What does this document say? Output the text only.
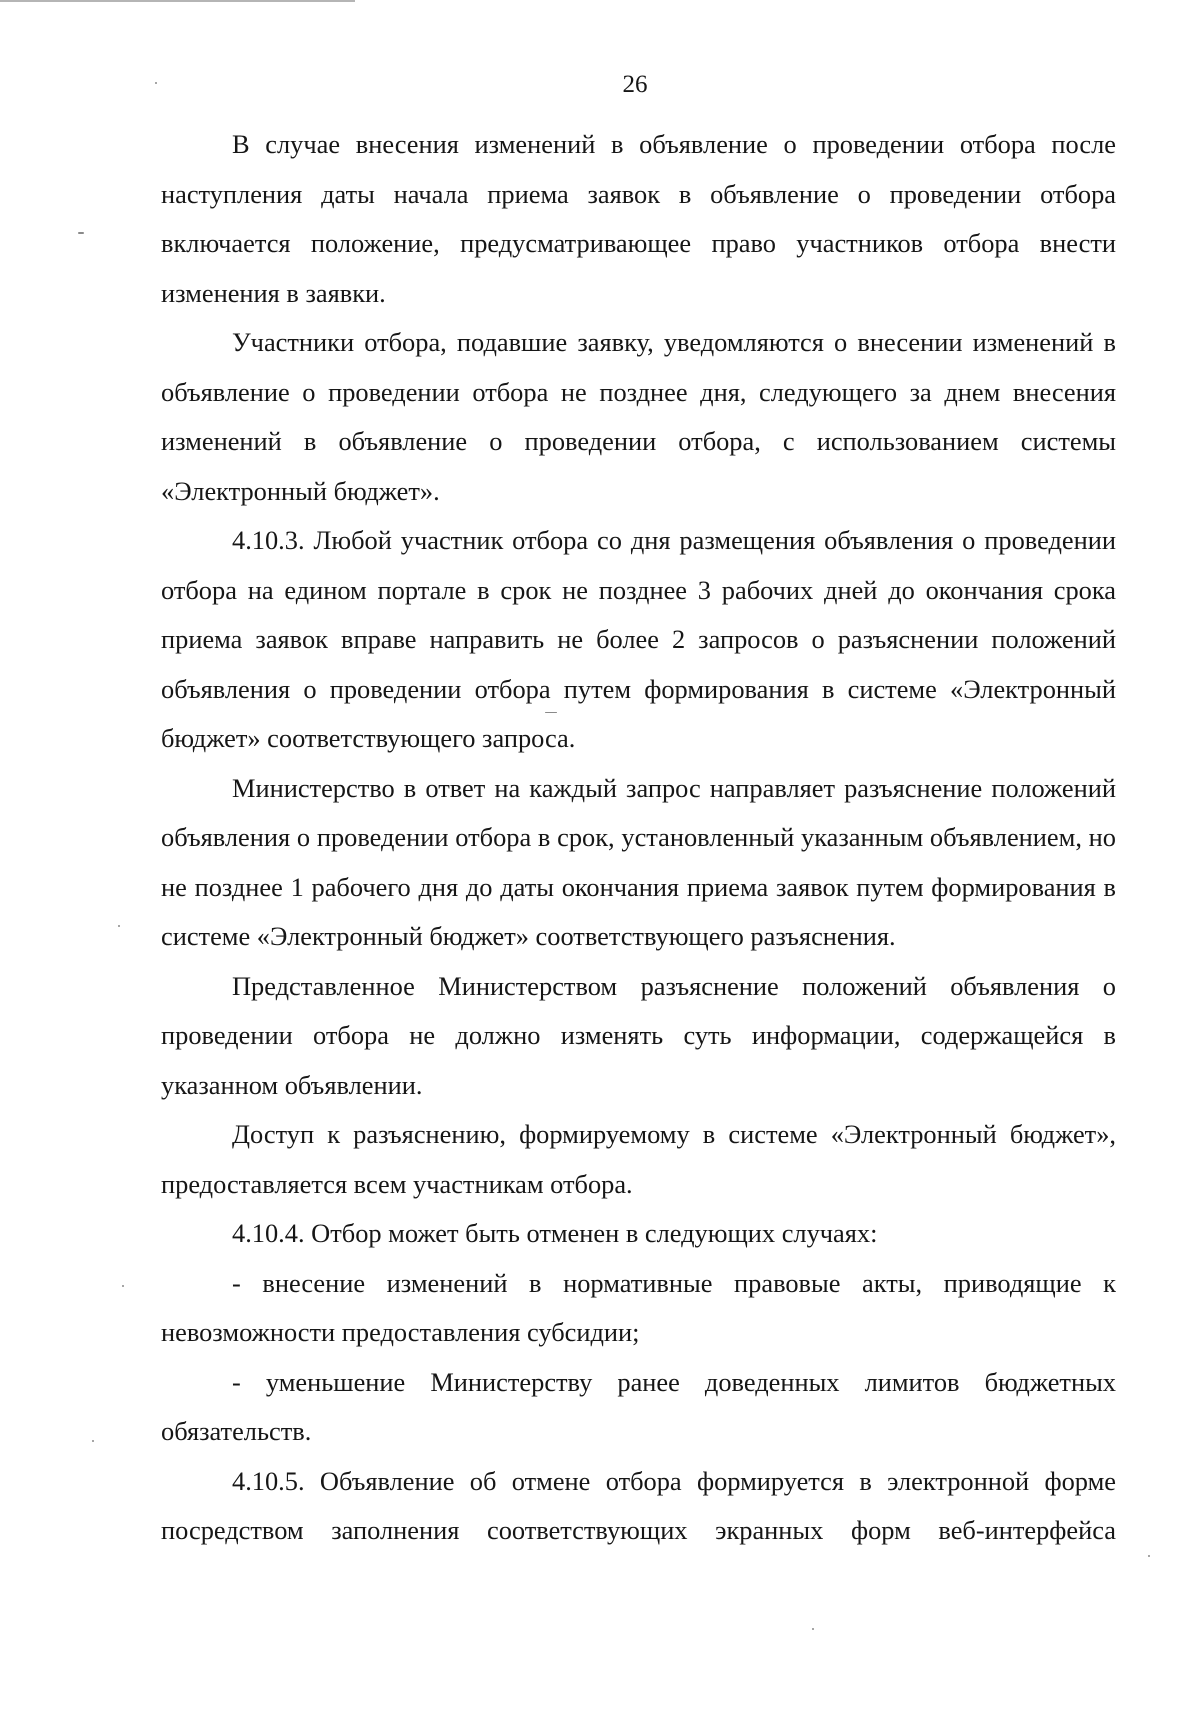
26

В случае внесения изменений в объявление о проведении отбора после наступления даты начала приема заявок в объявление о проведении отбора включается положение, предусматривающее право участников отбора внести изменения в заявки.

Участники отбора, подавшие заявку, уведомляются о внесении изменений в объявление о проведении отбора не позднее дня, следующего за днем внесения изменений в объявление о проведении отбора, с использованием системы «Электронный бюджет».

4.10.3. Любой участник отбора со дня размещения объявления о проведении отбора на едином портале в срок не позднее 3 рабочих дней до окончания срока приема заявок вправе направить не более 2 запросов о разъяснении положений объявления о проведении отбора путем формирования в системе «Электронный бюджет» соответствующего запроса.

Министерство в ответ на каждый запрос направляет разъяснение положений объявления о проведении отбора в срок, установленный указанным объявлением, но не позднее 1 рабочего дня до даты окончания приема заявок путем формирования в системе «Электронный бюджет» соответствующего разъяснения.

Представленное Министерством разъяснение положений объявления о проведении отбора не должно изменять суть информации, содержащейся в указанном объявлении.

Доступ к разъяснению, формируемому в системе «Электронный бюджет», предоставляется всем участникам отбора.

4.10.4. Отбор может быть отменен в следующих случаях:

- внесение изменений в нормативные правовые акты, приводящие к невозможности предоставления субсидии;

- уменьшение Министерству ранее доведенных лимитов бюджетных обязательств.

4.10.5. Объявление об отмене отбора формируется в электронной форме посредством заполнения соответствующих экранных форм веб-интерфейса
